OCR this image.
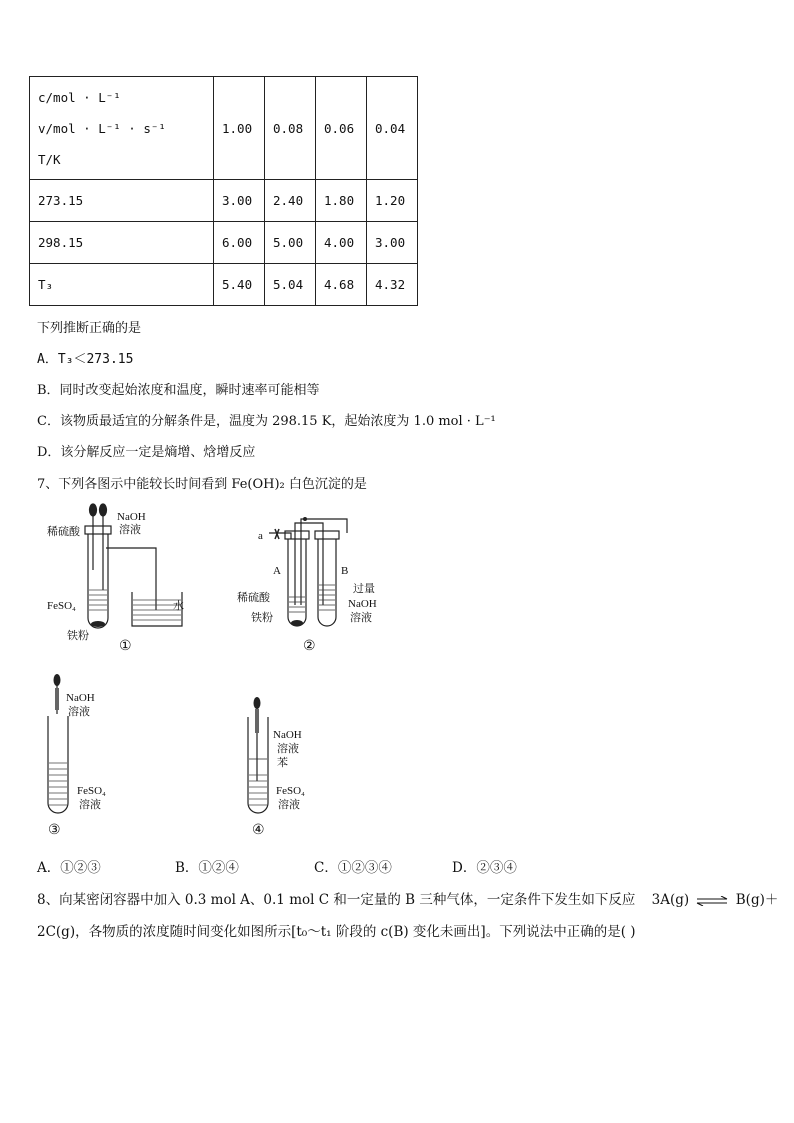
c/mol · L⁻¹
v/mol · L⁻¹ · s⁻¹
T/K	1.00	0.08	0.06	0.04
273.15	3.00	2.40	1.80	1.20
298.15	6.00	5.00	4.00	3.00
T₃	5.40	5.04	4.68	4.32
下列推断正确的是
A．T₃＜273.15
B．同时改变起始浓度和温度，瞬时速率可能相等
C．该物质最适宜的分解条件是，温度为 298.15 K，起始浓度为 1.0 mol · L⁻¹
D．该分解反应一定是熵增、焓增反应
7、下列各图示中能较长时间看到 Fe(OH)₂ 白色沉淀的是
稀硫酸
NaOH
溶液
FeSO₄	水
铁粉
①
a
A	B
稀硫酸
铁粉
过量
NaOH
溶液
②
NaOH
溶液
FeSO₄
溶液
③
NaOH
溶液
苯
FeSO₄
溶液
④
A．①②③	B．①②④	C．①②③④	D．②③④
8、向某密闭容器中加入 0.3 mol A、0.1 mol C 和一定量的 B 三种气体，一定条件下发生如下反应 3A(g) ⇌ B(g)＋
2C(g)，各物质的浓度随时间变化如图所示[t₀～t₁ 阶段的 c(B) 变化未画出]。下列说法中正确的是( )
